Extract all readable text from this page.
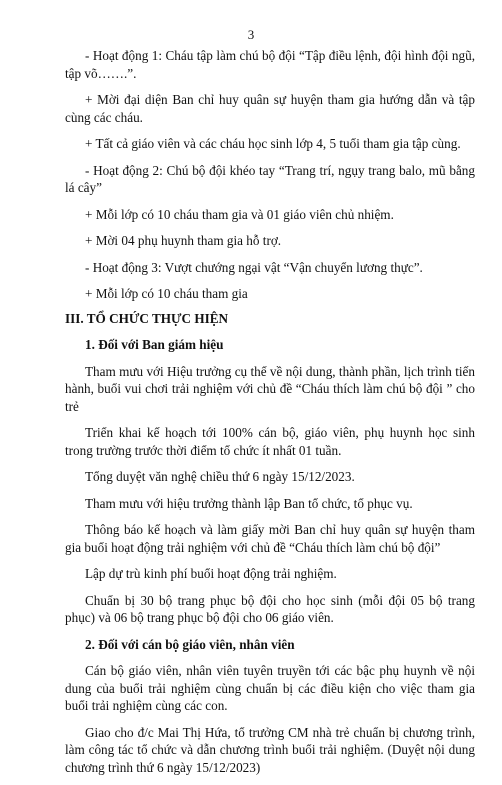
3

- Hoạt động 1: Cháu tập làm chú bộ đội “Tập điều lệnh, đội hình đội ngũ, tập võ…….”.

+ Mời đại diện Ban chỉ huy quân sự huyện tham gia hướng dẫn và tập cùng các cháu.

+ Tất cả giáo viên và các cháu học sinh lớp 4, 5 tuổi tham gia tập cùng.

- Hoạt động 2: Chú bộ đội khéo tay “Trang trí, ngụy trang balo, mũ bằng lá cây”

+ Mỗi lớp có 10 cháu tham gia và 01 giáo viên chủ nhiệm.

+ Mời 04 phụ huynh tham gia hỗ trợ.

- Hoạt động 3: Vượt chướng ngại vật “Vận chuyển lương thực”.

+ Mỗi lớp có 10 cháu tham gia

III. TỔ CHỨC THỰC HIỆN

1. Đối với Ban giám hiệu

Tham mưu với Hiệu trưởng cụ thể về nội dung, thành phần, lịch trình tiến hành, buổi vui chơi trải nghiệm với chủ đề “Cháu thích làm chú bộ đội ” cho trẻ

Triển khai kế hoạch tới 100% cán bộ, giáo viên, phụ huynh học sinh trong trường trước thời điểm tổ chức ít nhất 01 tuần.

Tổng duyệt văn nghệ chiều thứ 6 ngày 15/12/2023.

Tham mưu với hiệu trưởng thành lập Ban tổ chức, tổ phục vụ.

Thông báo kế hoạch và làm giấy mời Ban chỉ huy quân sự huyện tham gia buổi hoạt động trải nghiệm với chủ đề “Cháu thích làm chú bộ đội”

Lập dự trù kinh phí buổi hoạt động trải nghiệm.

Chuẩn bị 30 bộ trang phục bộ đội cho học sinh (mỗi đội 05 bộ trang phục) và 06 bộ trang phục bộ đội cho 06 giáo viên.

2. Đối với cán bộ giáo viên, nhân viên

Cán bộ giáo viên, nhân viên tuyên truyền tới các bậc phụ huynh về nội dung của buổi trải nghiệm cùng chuẩn bị các điều kiện cho việc tham gia buổi trải nghiệm cùng các con.

Giao cho đ/c Mai Thị Hứa, tổ trưởng CM nhà trẻ chuẩn bị chương trình, làm công tác tổ chức và dẫn chương trình buổi trải nghiệm. (Duyệt nội dung chương trình thứ 6 ngày 15/12/2023)
